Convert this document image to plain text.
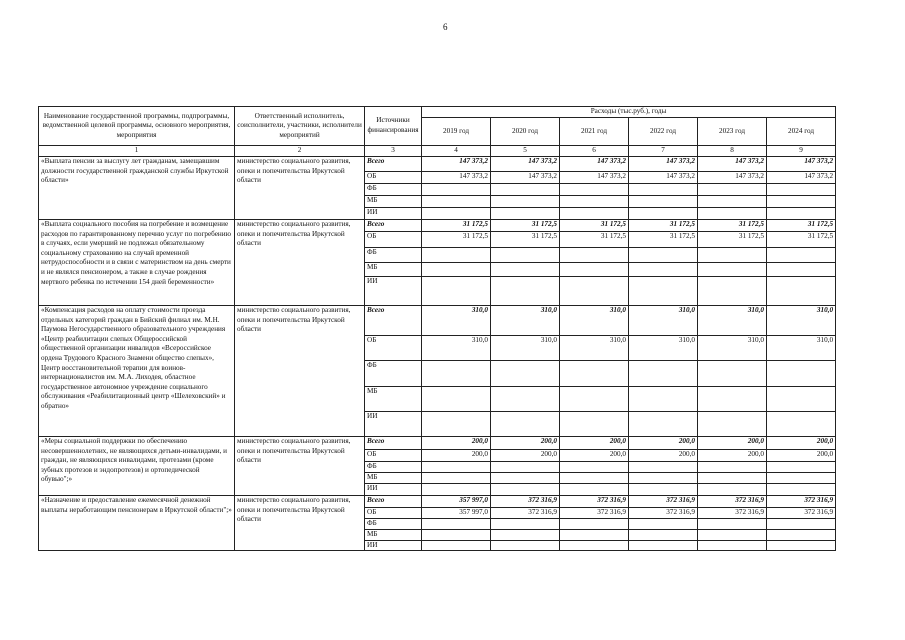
6
Наименование государственной программы, подпрограммы, ведомственной целевой программы, основного мероприятия, мероприятия	Ответственный исполнитель, соисполнители, участники, исполнители мероприятий	Источники финансирования	Расходы (тыс.руб.), годы					
			2019 год	2020 год	2021 год	2022 год	2023 год	2024 год
1	2	3	4	5	6	7	8	9
«Выплата пенсии за выслугу лет гражданам, замещавшим должности государственной гражданской службы Иркутской области»	министерство социального развития, опеки и попечительства Иркутской области	Всего	147 373,2	147 373,2	147 373,2	147 373,2	147 373,2	147 373,2
		ОБ	147 373,2	147 373,2	147 373,2	147 373,2	147 373,2	147 373,2
		ФБ						
		МБ						
		ИИ						
«Выплата социального пособия на погребение и возмещение расходов по гарантированному перечню услуг по погребению в случаях, если умерший не подлежал обязательному социальному страхованию на случай временной нетрудоспособности и в связи с материнством на день смерти и не являлся пенсионером, а также в случае рождения мертвого ребенка по истечении 154 дней беременности»	министерство социального развития, опеки и попечительства Иркутской области	Всего	31 172,5	31 172,5	31 172,5	31 172,5	31 172,5	31 172,5
		ОБ	31 172,5	31 172,5	31 172,5	31 172,5	31 172,5	31 172,5
		ФБ						
		МБ						
		ИИ						
«Компенсация расходов на оплату стоимости проезда отдельных категорий граждан в Бийский филиал им. М.Н. Паумова Негосударственного образовательного учреждения «Центр реабилитации слепых Общероссийской общественной организации инвалидов «Всероссийское ордена Трудового Красного Знамени общество слепых», Центр восстановительной терапии для воинов-интернационалистов им. М.А. Лиходея, областное государственное автономное учреждение социального обслуживания «Реабилитационный центр «Шелеховский» и обратно»	министерство социального развития, опеки и попечительства Иркутской области	Всего	310,0	310,0	310,0	310,0	310,0	310,0
		ОБ	310,0	310,0	310,0	310,0	310,0	310,0
		ФБ						
		МБ						
		ИИ						
«Меры социальной поддержки по обеспечению несовершеннолетних, не являющихся детьми-инвалидами, и граждан, не являющихся инвалидами, протезами (кроме зубных протезов и эндопротезов) и ортопедической обувью";»	министерство социального развития, опеки и попечительства Иркутской области	Всего	200,0	200,0	200,0	200,0	200,0	200,0
		ОБ	200,0	200,0	200,0	200,0	200,0	200,0
		ФБ						
		МБ						
		ИИ						
«Назначение и предоставление ежемесячной денежной выплаты неработающим пенсионерам в Иркутской области";»	министерство социального развития, опеки и попечительства Иркутской области	Всего	357 997,0	372 316,9	372 316,9	372 316,9	372 316,9	372 316,9
		ОБ	357 997,0	372 316,9	372 316,9	372 316,9	372 316,9	372 316,9
		ФБ						
		МБ						
		ИИ						
